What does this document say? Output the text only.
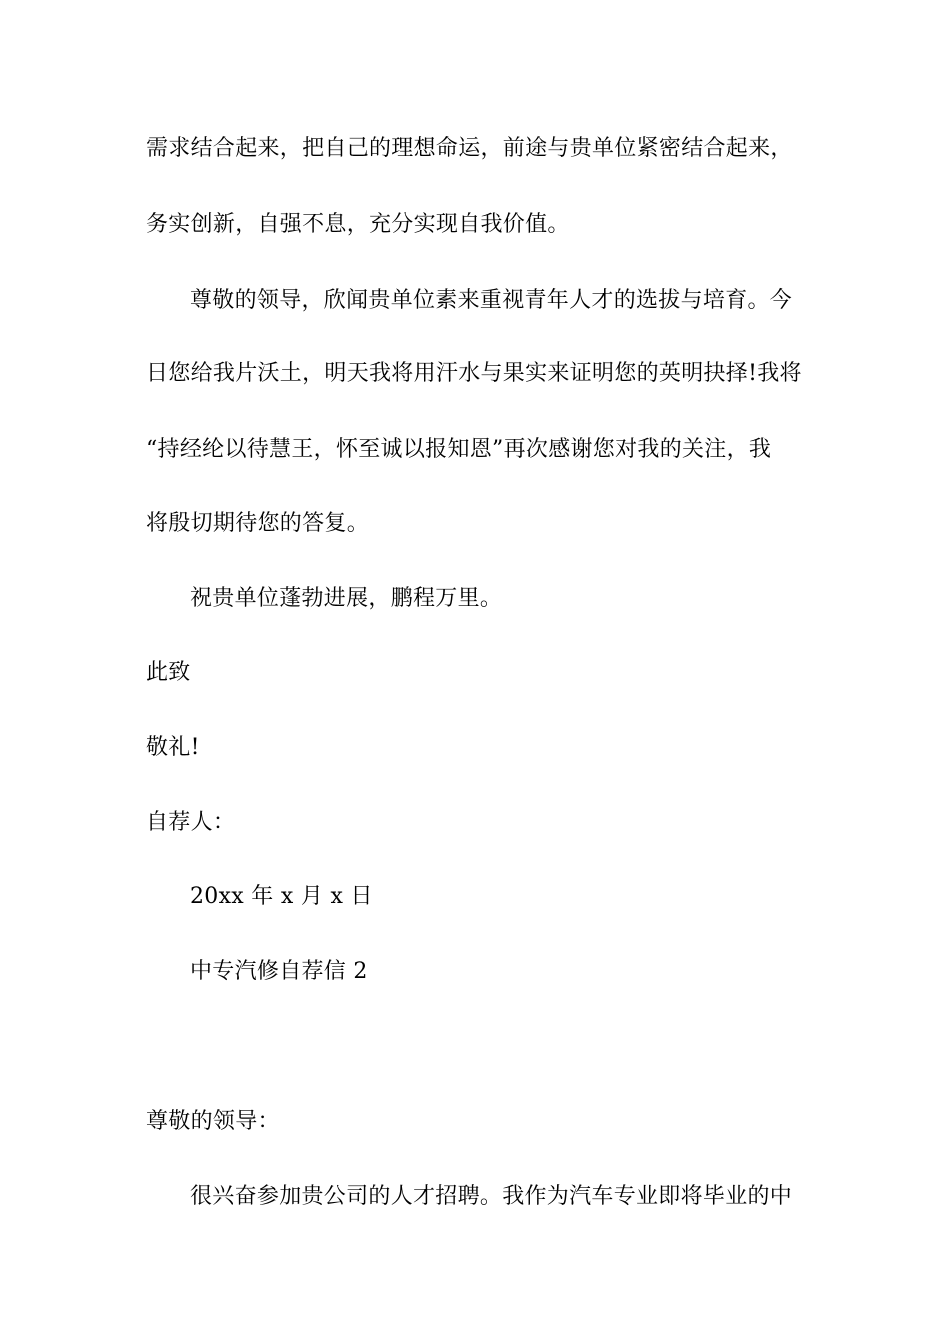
需求结合起来，把自己的理想命运，前途与贵单位紧密结合起来，
务实创新，自强不息，充分实现自我价值。
尊敬的领导，欣闻贵单位素来重视青年人才的选拔与培育。今
日您给我片沃土，明天我将用汗水与果实来证明您的英明抉择!我将
“持经纶以待慧王，怀至诚以报知恩”再次感谢您对我的关注，我
将殷切期待您的答复。
祝贵单位蓬勃进展，鹏程万里。
此致
敬礼!
自荐人：
20xx 年 x 月 x 日
中专汽修自荐信 2
尊敬的领导：
很兴奋参加贵公司的人才招聘。我作为汽车专业即将毕业的中
